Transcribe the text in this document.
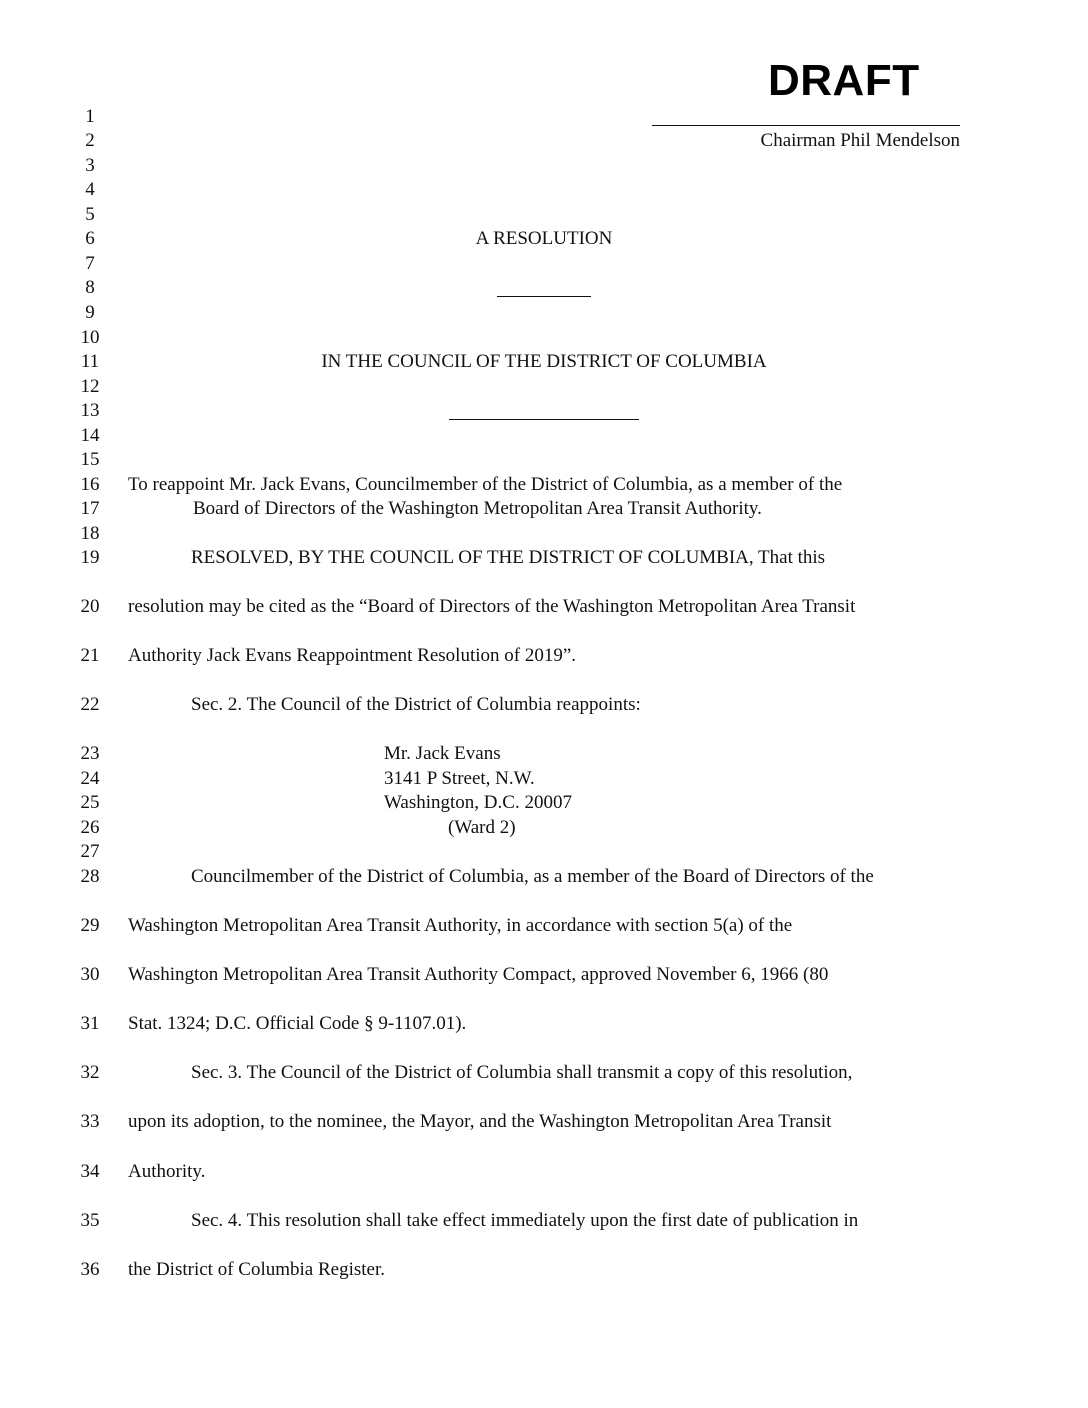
DRAFT
Chairman Phil Mendelson
1
2
3
4
5
6
7
8
9
10
11
12
13
14
15
16
17
18
19
20
21
22
23
24
25
26
27
28
29
30
31
32
33
34
35
36
A RESOLUTION
IN THE COUNCIL OF THE DISTRICT OF COLUMBIA
To reappoint Mr. Jack Evans, Councilmember of the District of Columbia, as a member of the
Board of Directors of the Washington Metropolitan Area Transit Authority.
RESOLVED, BY THE COUNCIL OF THE DISTRICT OF COLUMBIA, That this
resolution may be cited as the “Board of Directors of the Washington Metropolitan Area Transit
Authority Jack Evans Reappointment Resolution of 2019”.
Sec. 2. The Council of the District of Columbia reappoints:
Mr. Jack Evans
3141 P Street, N.W.
Washington, D.C. 20007
(Ward 2)
Councilmember of the District of Columbia, as a member of the Board of Directors of the
Washington Metropolitan Area Transit Authority, in accordance with section 5(a) of the
Washington Metropolitan Area Transit Authority Compact, approved November 6, 1966 (80
Stat. 1324; D.C. Official Code § 9-1107.01).
Sec. 3. The Council of the District of Columbia shall transmit a copy of this resolution,
upon its adoption, to the nominee, the Mayor, and the Washington Metropolitan Area Transit
Authority.
Sec. 4. This resolution shall take effect immediately upon the first date of publication in
the District of Columbia Register.
